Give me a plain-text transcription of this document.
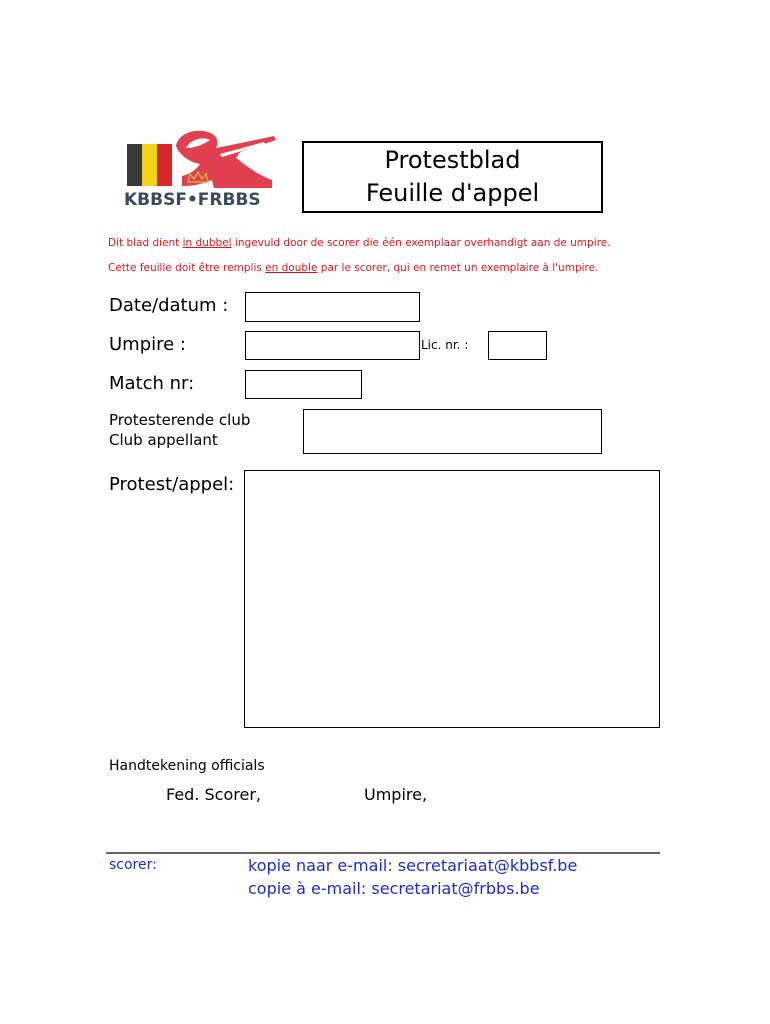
KBBSF•FRBBS
Protestblad
Feuille d'appel
Dit blad dient in dubbel ingevuld door de scorer die één exemplaar overhandigt aan de umpire.
Cette feuille doit être remplis en double par le scorer, qui en remet un exemplaire à l'umpire.
Date/datum :
Umpire :	Lic. nr. :
Match nr:
Protesterende club
Club appellant
Protest/appel:
Handtekening officials
Fed. Scorer,	Umpire,
scorer:	kopie naar e-mail: secretariaat@kbbsf.be
copie à e-mail: secretariat@frbbs.be
